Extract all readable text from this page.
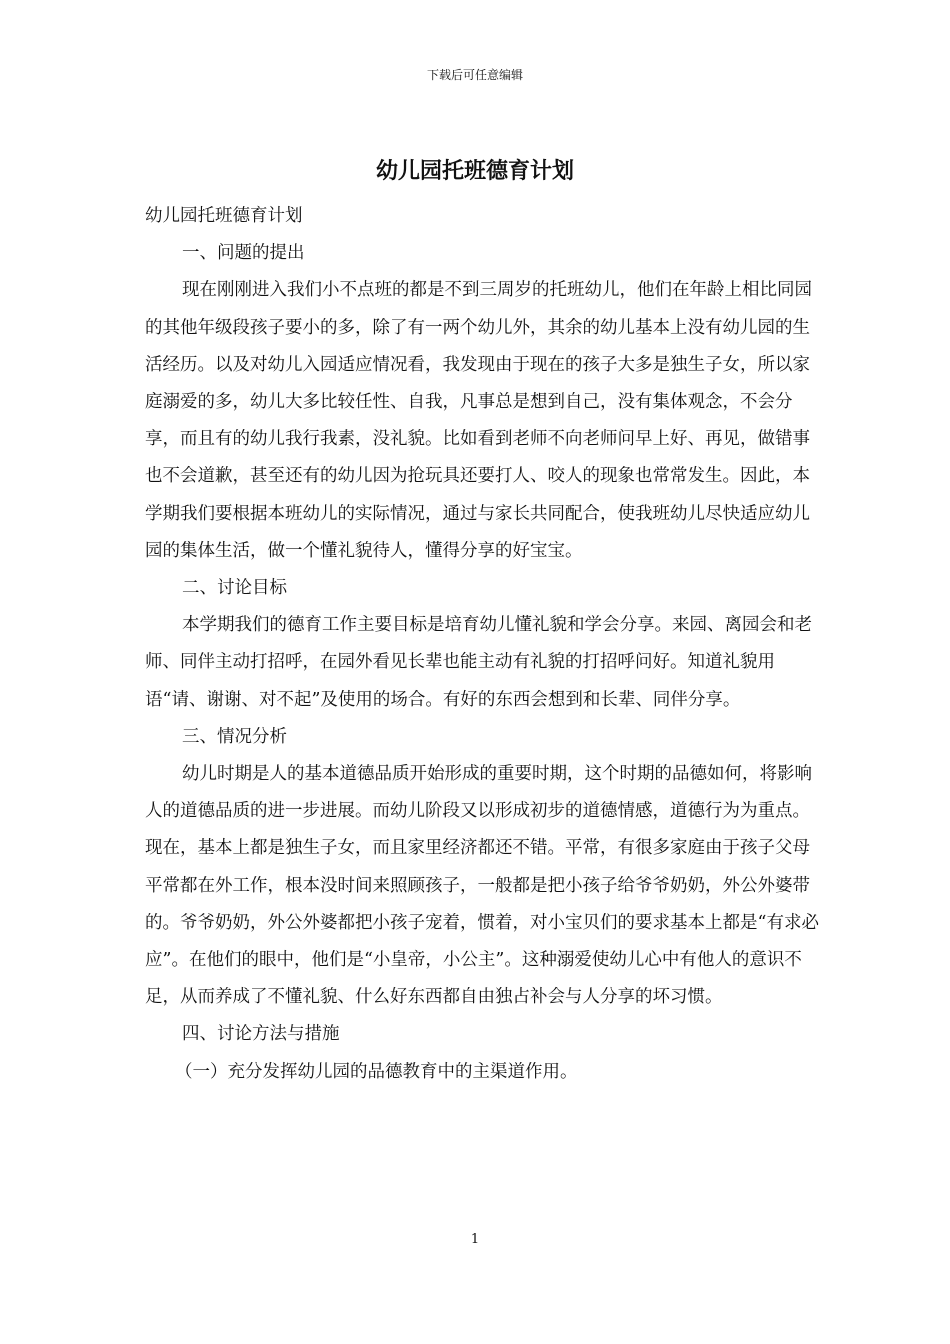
下载后可任意编辑
幼儿园托班德育计划

幼儿园托班德育计划

一、问题的提出

现在刚刚进入我们小不点班的都是不到三周岁的托班幼儿，他们在年龄上相比同园的其他年级段孩子要小的多，除了有一两个幼儿外，其余的幼儿基本上没有幼儿园的生活经历。以及对幼儿入园适应情况看，我发现由于现在的孩子大多是独生子女，所以家庭溺爱的多，幼儿大多比较任性、自我，凡事总是想到自己，没有集体观念，不会分享，而且有的幼儿我行我素，没礼貌。比如看到老师不向老师问早上好、再见，做错事也不会道歉，甚至还有的幼儿因为抢玩具还要打人、咬人的现象也常常发生。因此，本学期我们要根据本班幼儿的实际情况，通过与家长共同配合，使我班幼儿尽快适应幼儿园的集体生活，做一个懂礼貌待人，懂得分享的好宝宝。

二、讨论目标

本学期我们的德育工作主要目标是培育幼儿懂礼貌和学会分享。来园、离园会和老师、同伴主动打招呼，在园外看见长辈也能主动有礼貌的打招呼问好。知道礼貌用语“请、谢谢、对不起”及使用的场合。有好的东西会想到和长辈、同伴分享。

三、情况分析

幼儿时期是人的基本道德品质开始形成的重要时期，这个时期的品德如何，将影响人的道德品质的进一步进展。而幼儿阶段又以形成初步的道德情感，道德行为为重点。现在，基本上都是独生子女，而且家里经济都还不错。平常，有很多家庭由于孩子父母平常都在外工作，根本没时间来照顾孩子，一般都是把小孩子给爷爷奶奶，外公外婆带的。爷爷奶奶，外公外婆都把小孩子宠着，惯着，对小宝贝们的要求基本上都是“有求必应”。在他们的眼中，他们是“小皇帝，小公主”。这种溺爱使幼儿心中有他人的意识不足，从而养成了不懂礼貌、什么好东西都自由独占补会与人分享的坏习惯。

四、讨论方法与措施

（一）充分发挥幼儿园的品德教育中的主渠道作用。

1
